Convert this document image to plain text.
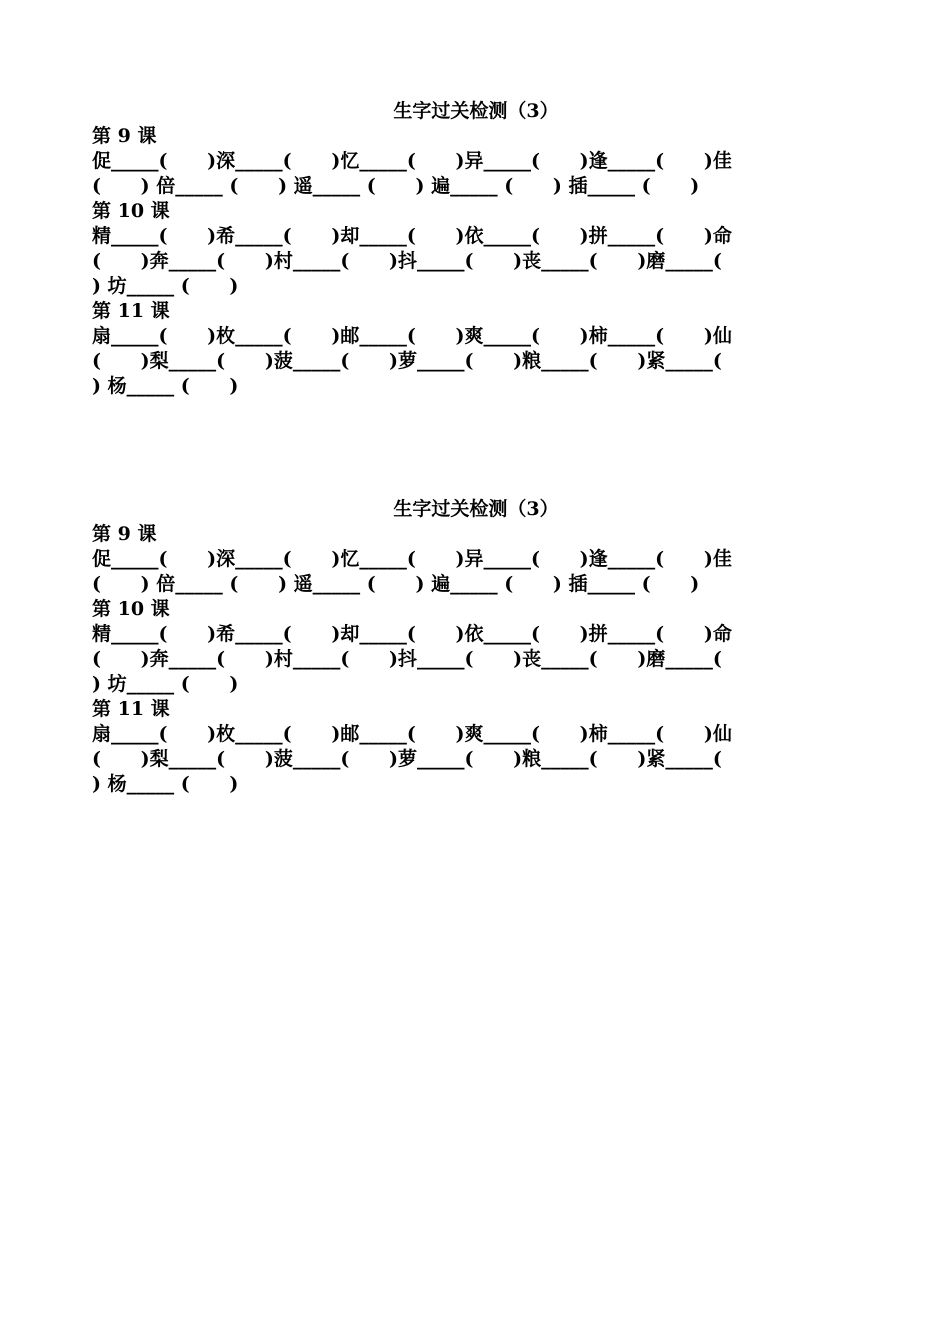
生字过关检测（3）
第 9 课
促_____(      )深_____(      )忆_____(      )异_____(      )逢_____(      )佳
(      ) 倍_____ (      ) 遥_____ (      ) 遍_____ (      ) 插_____ (      )
第 10 课
精_____(      )希_____(      )却_____(      )依_____(      )拼_____(      )命
(      )奔_____(      )村_____(      )抖_____(      )丧_____(      )磨_____(
) 坊_____ (      )
第 11 课
扇_____(      )枚_____(      )邮_____(      )爽_____(      )柿_____(      )仙
(      )梨_____(      )菠_____(      )萝_____(      )粮_____(      )紧_____(
) 杨_____ (      )
生字过关检测（3）
第 9 课
促_____(      )深_____(      )忆_____(      )异_____(      )逢_____(      )佳
(      ) 倍_____ (      ) 遥_____ (      ) 遍_____ (      ) 插_____ (      )
第 10 课
精_____(      )希_____(      )却_____(      )依_____(      )拼_____(      )命
(      )奔_____(      )村_____(      )抖_____(      )丧_____(      )磨_____(
) 坊_____ (      )
第 11 课
扇_____(      )枚_____(      )邮_____(      )爽_____(      )柿_____(      )仙
(      )梨_____(      )菠_____(      )萝_____(      )粮_____(      )紧_____(
) 杨_____ (      )
